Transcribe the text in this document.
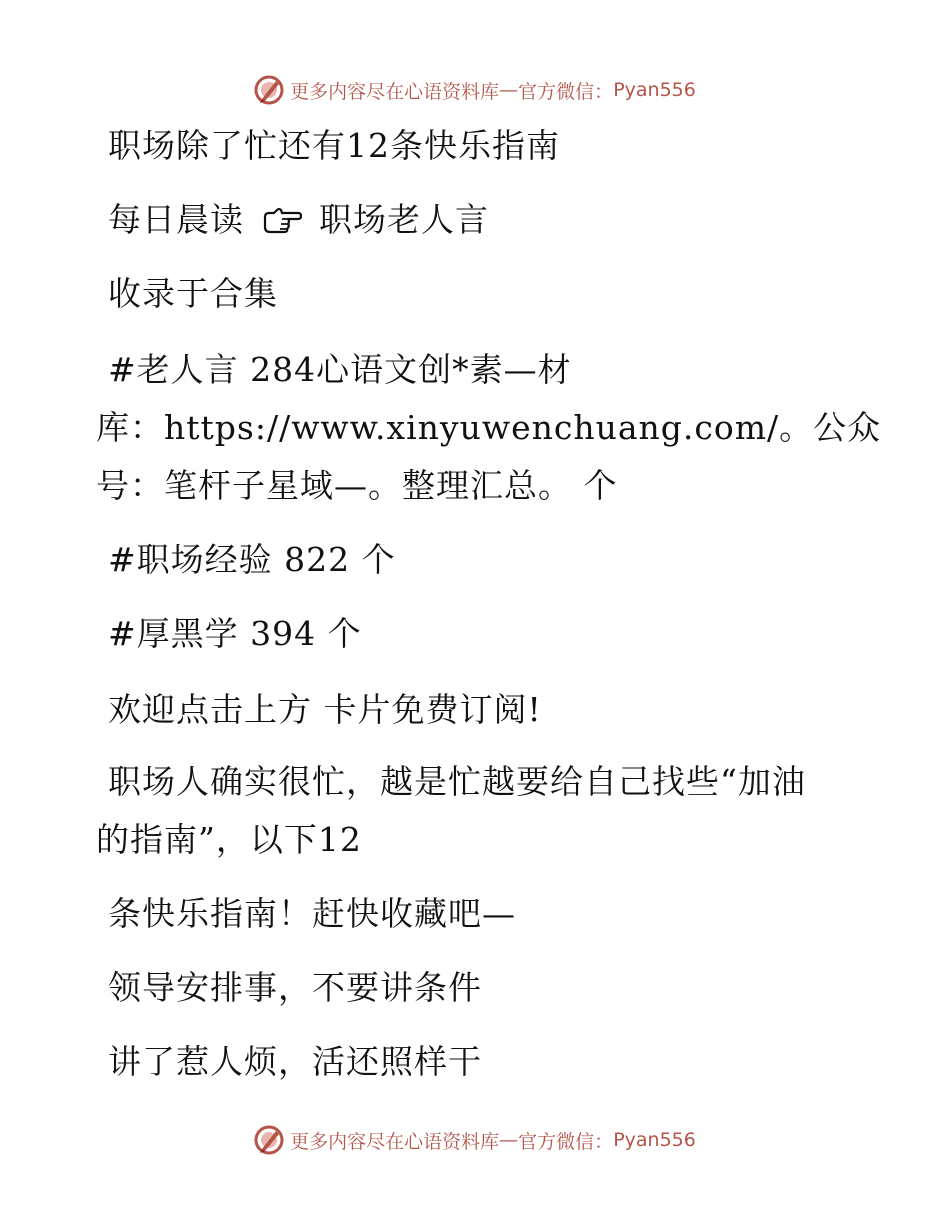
更多内容尽在心语资料库 — 官方微信： Pyan556
职场除了忙还有12条快乐指南
每日晨读 职场老人言
收录于合集
#老人言 284心语文创*素—材
库：https://www.xinyuwenchuang.com/。公众
号：笔杆子星域—。整理汇总。 个
#职场经验 822 个
#厚黑学 394 个
欢迎点击上方 卡片免费订阅!
职场人确实很忙，越是忙越要给自己找些“加油
的指南”，以下12
条快乐指南！赶快收藏吧—
领导安排事，不要讲条件
讲了惹人烦，活还照样干
更多内容尽在心语资料库 — 官方微信： Pyan556
